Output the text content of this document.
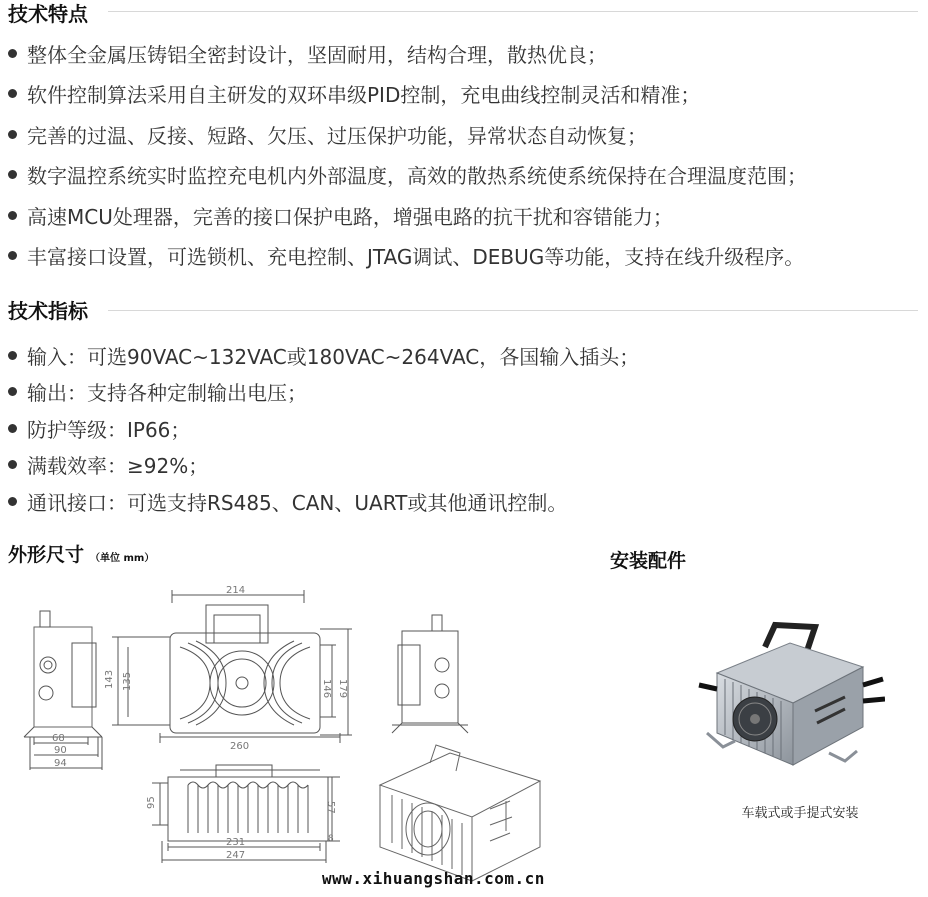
技术特点
整体全金属压铸铝全密封设计，坚固耐用，结构合理，散热优良；
软件控制算法采用自主研发的双环串级PID控制，充电曲线控制灵活和精准；
完善的过温、反接、短路、欠压、过压保护功能，异常状态自动恢复；
数字温控系统实时监控充电机内外部温度，高效的散热系统使系统保持在合理温度范围；
高速MCU处理器，完善的接口保护电路，增强电路的抗干扰和容错能力；
丰富接口设置，可选锁机、充电控制、JTAG调试、DEBUG等功能，支持在线升级程序。
技术指标
输入：可选90VAC~132VAC或180VAC~264VAC，各国输入插头；
输出：支持各种定制输出电压；
防护等级：IP66；
满载效率：≥92%；
通讯接口：可选支持RS485、CAN、UART或其他通讯控制。
外形尺寸 （单位 mm）	安装配件
68
90
94
214
260
143 135	146 179
95	57
8
231
247
车载式或手提式安装
www.xihuangshan.com.cn
